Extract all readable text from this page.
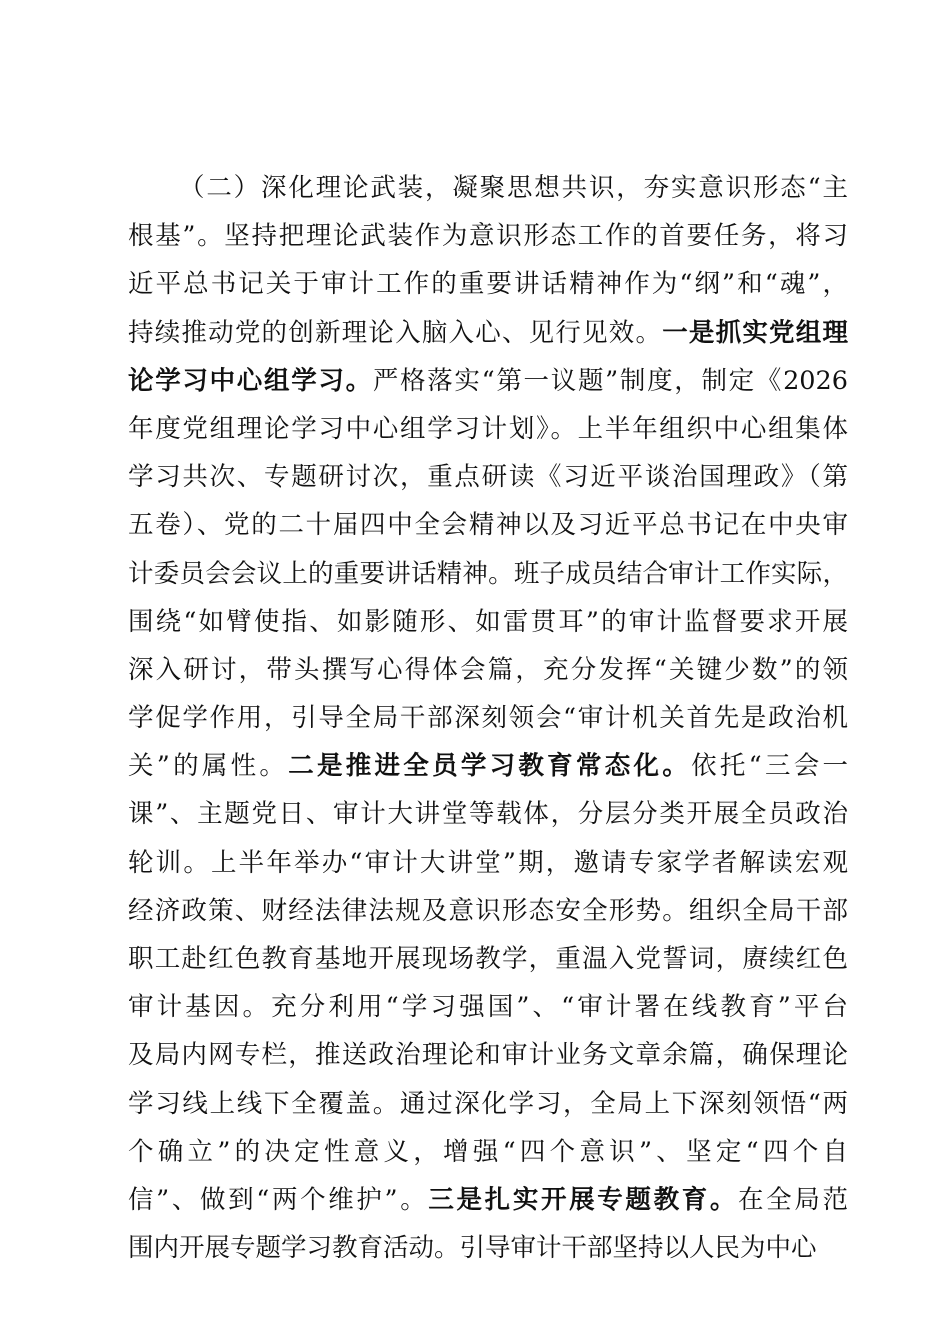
（二）深化理论武装，凝聚思想共识，夯实意识形态“主
根基”。坚持把理论武装作为意识形态工作的首要任务，将习
近平总书记关于审计工作的重要讲话精神作为“纲”和“魂”，
持续推动党的创新理论入脑入心、见行见效。一是抓实党组理
论学习中心组学习。严格落实“第一议题”制度，制定《2026
年度党组理论学习中心组学习计划》。上半年组织中心组集体
学习共次、专题研讨次，重点研读《习近平谈治国理政》（第
五卷）、党的二十届四中全会精神以及习近平总书记在中央审
计委员会会议上的重要讲话精神。班子成员结合审计工作实际，
围绕“如臂使指、如影随形、如雷贯耳”的审计监督要求开展
深入研讨，带头撰写心得体会篇，充分发挥“关键少数”的领
学促学作用，引导全局干部深刻领会“审计机关首先是政治机
关”的属性。二是推进全员学习教育常态化。依托“三会一
课”、主题党日、审计大讲堂等载体，分层分类开展全员政治
轮训。上半年举办“审计大讲堂”期，邀请专家学者解读宏观
经济政策、财经法律法规及意识形态安全形势。组织全局干部
职工赴红色教育基地开展现场教学，重温入党誓词，赓续红色
审计基因。充分利用“学习强国”、“审计署在线教育”平台
及局内网专栏，推送政治理论和审计业务文章余篇，确保理论
学习线上线下全覆盖。通过深化学习，全局上下深刻领悟“两
个确立”的决定性意义，增强“四个意识”、坚定“四个自
信”、做到“两个维护”。三是扎实开展专题教育。在全局范
围内开展专题学习教育活动。引导审计干部坚持以人民为中心
